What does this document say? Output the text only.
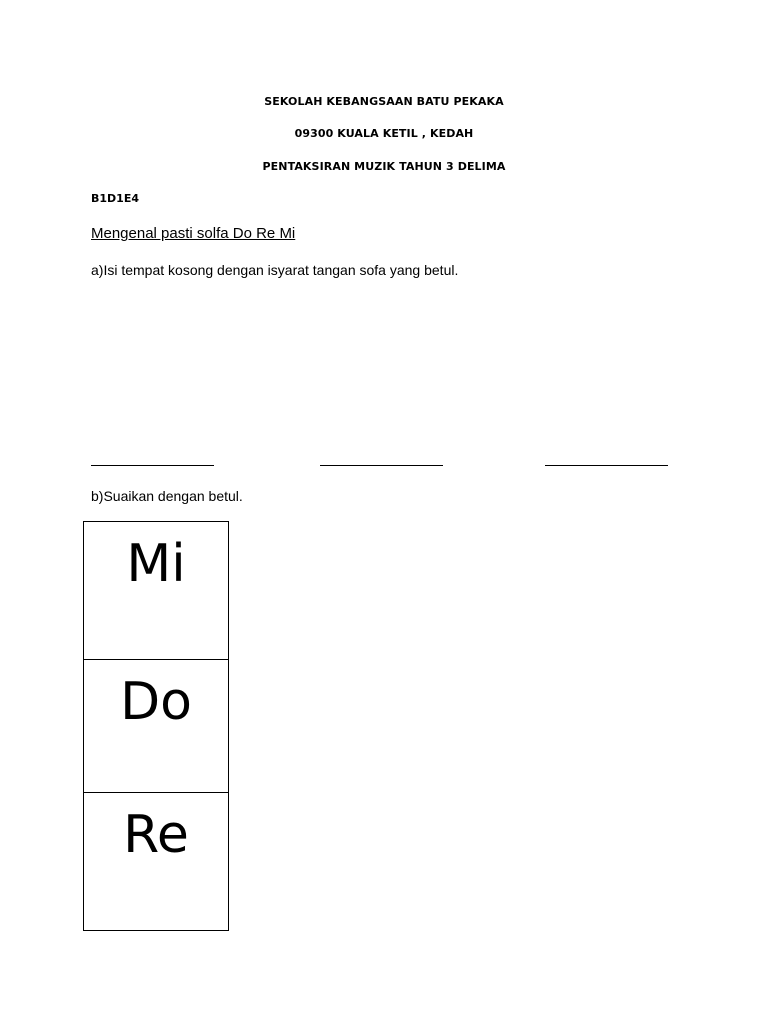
SEKOLAH KEBANGSAAN BATU PEKAKA
09300 KUALA KETIL , KEDAH
PENTAKSIRAN MUZIK TAHUN 3 DELIMA
B1D1E4
Mengenal pasti solfa Do Re Mi
a)Isi tempat kosong dengan isyarat tangan sofa yang betul.
b)Suaikan dengan betul.
Mi
Do
Re
